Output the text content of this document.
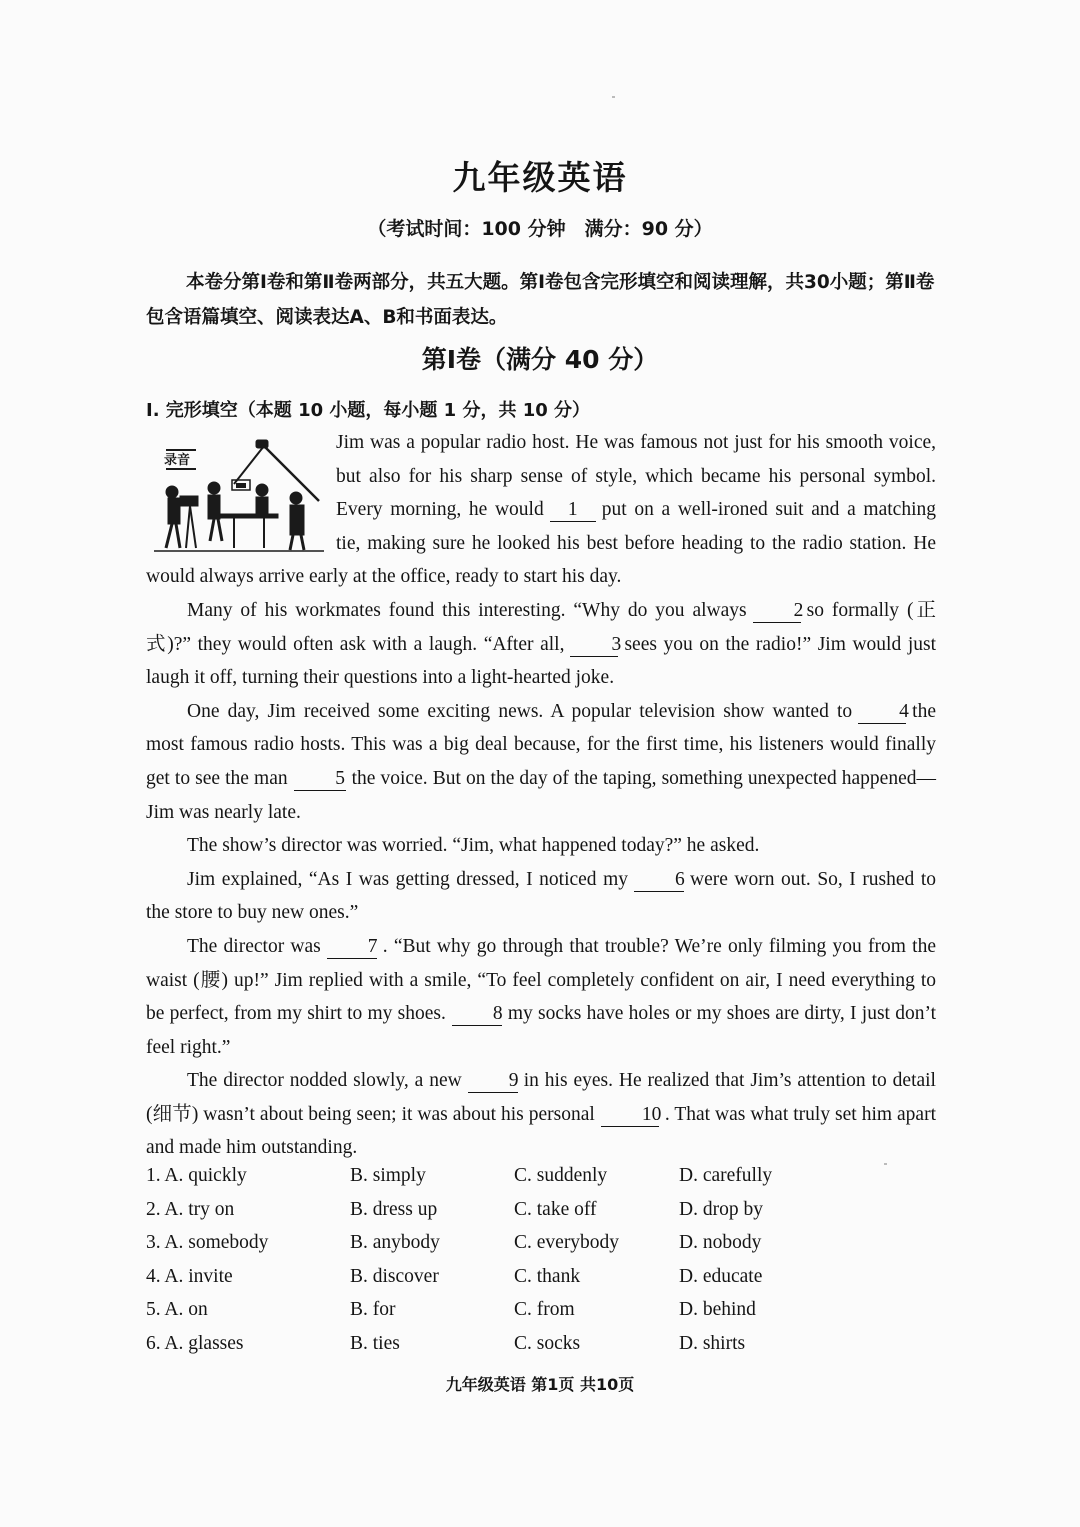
九年级英语
（考试时间：100 分钟　满分：90 分）
本卷分第Ⅰ卷和第Ⅱ卷两部分，共五大题。第Ⅰ卷包含完形填空和阅读理解，共30小题；第Ⅱ卷包含语篇填空、阅读表达A、B和书面表达。
第Ⅰ卷（满分 40 分）
I. 完形填空（本题 10 小题，每小题 1 分，共 10 分）
录音

Jim was a popular radio host. He was famous not just for his smooth voice, but also for his sharp sense of style, which became his personal symbol. Every morning, he would 1 put on a well-ironed suit and a matching tie, making sure he looked his best before heading to the radio station. He would always arrive early at the office, ready to start his day.

Many of his workmates found this interesting. “Why do you always 2 so formally (正式)?” they would often ask with a laugh. “After all, 3 sees you on the radio!” Jim would just laugh it off, turning their questions into a light-hearted joke.

One day, Jim received some exciting news. A popular television show wanted to 4 the most famous radio hosts. This was a big deal because, for the first time, his listeners would finally get to see the man 5 the voice. But on the day of the taping, something unexpected happened—Jim was nearly late.

The show’s director was worried. “Jim, what happened today?” he asked.

Jim explained, “As I was getting dressed, I noticed my 6 were worn out. So, I rushed to the store to buy new ones.”

The director was 7 . “But why go through that trouble? We’re only filming you from the waist (腰) up!” Jim replied with a smile, “To feel completely confident on air, I need everything to be perfect, from my shirt to my shoes. 8 my socks have holes or my shoes are dirty, I just don’t feel right.”

The director nodded slowly, a new 9 in his eyes. He realized that Jim’s attention to detail (细节) wasn’t about being seen; it was about his personal 10 . That was what truly set him apart and made him outstanding.

1. A. quickly	B. simply	C. suddenly	D. carefully
2. A. try on	B. dress up	C. take off	D. drop by
3. A. somebody	B. anybody	C. everybody	D. nobody
4. A. invite	B. discover	C. thank	D. educate
5. A. on	B. for	C. from	D. behind
6. A. glasses	B. ties	C. socks	D. shirts
九年级英语 第1页 共10页
